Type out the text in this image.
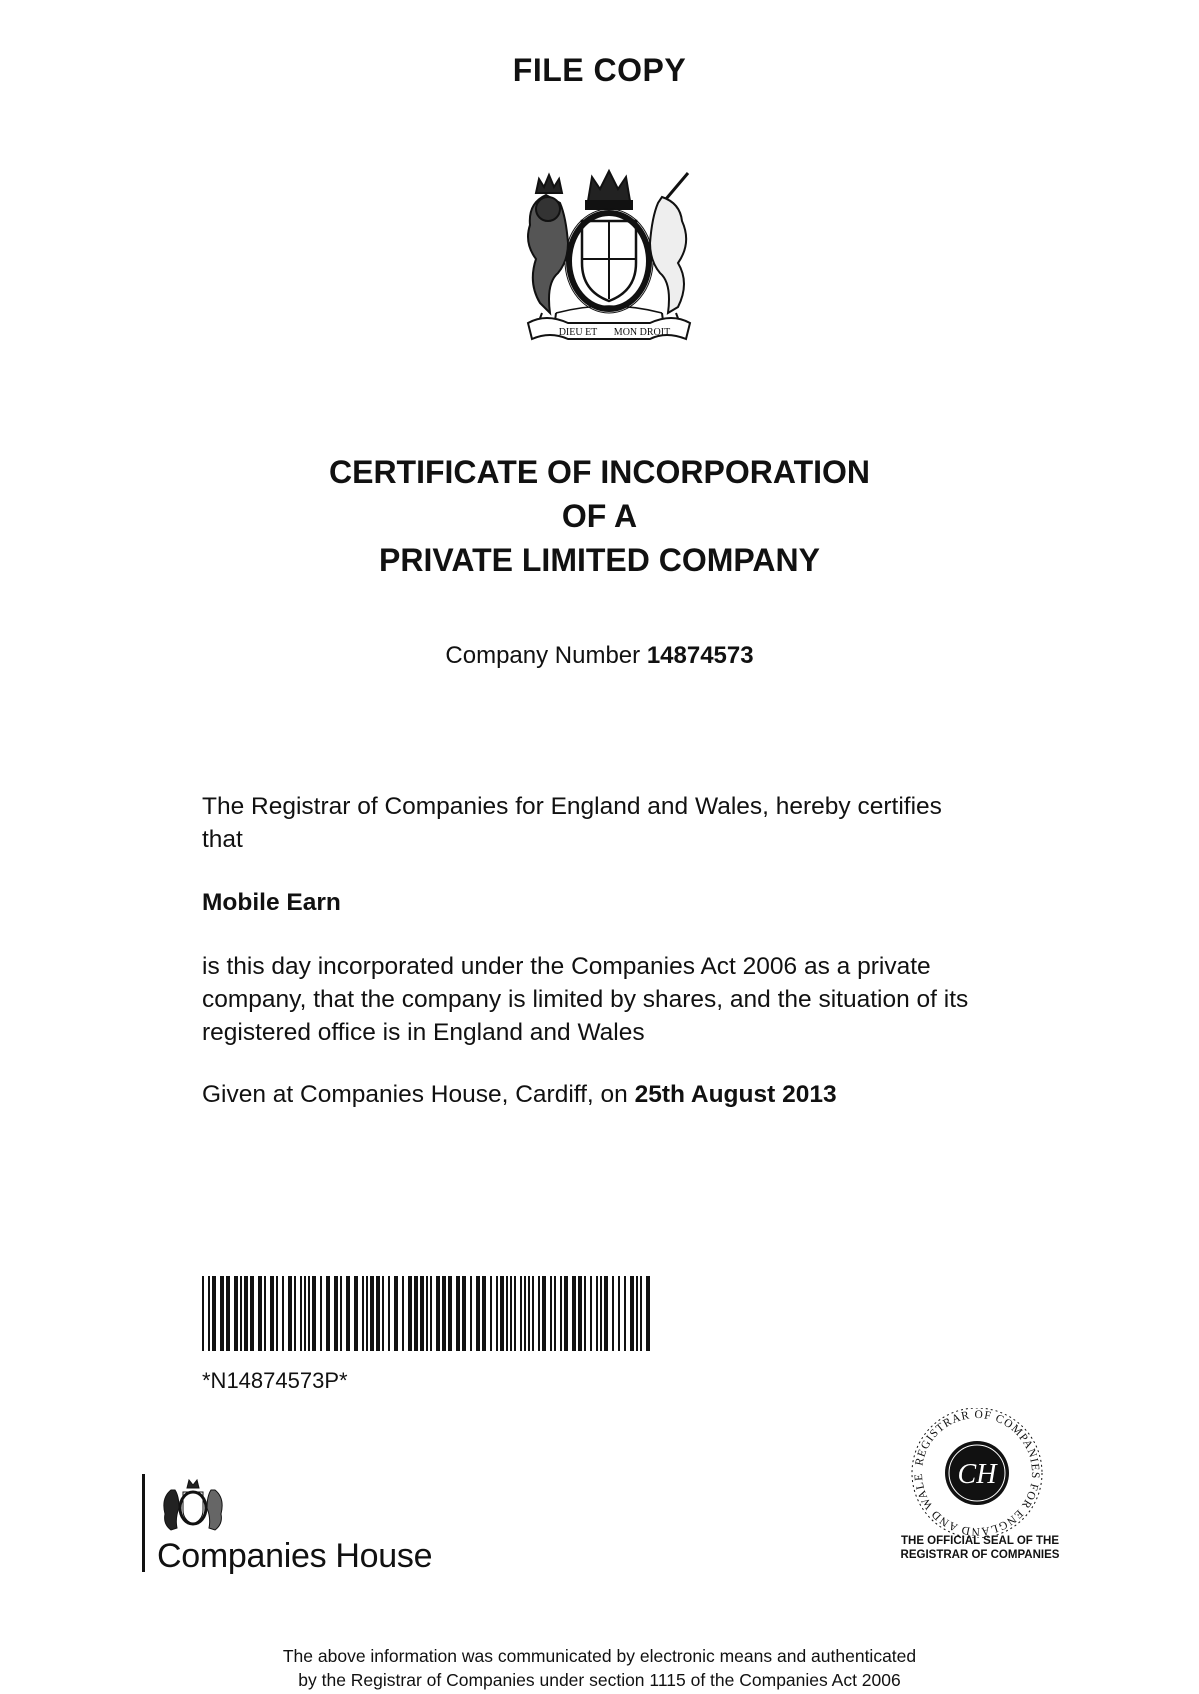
FILE COPY
DIEU ET MON DROIT
CERTIFICATE OF INCORPORATION
OF A
PRIVATE LIMITED COMPANY
Company Number 14874573
The Registrar of Companies for England and Wales, hereby certifies
that
Mobile Earn
is this day incorporated under the Companies Act 2006 as a private
company, that the company is limited by shares, and the situation of its
registered office is in England and Wales
Given at Companies House, Cardiff, on 25th August 2013
*N14874573P*
Companies House
REGISTRAR OF COMPANIES FOR ENGLAND AND WALE	CH
THE OFFICIAL SEAL OF THE
REGISTRAR OF COMPANIES
The above information was communicated by electronic means and authenticated
by the Registrar of Companies under section 1115 of the Companies Act 2006
